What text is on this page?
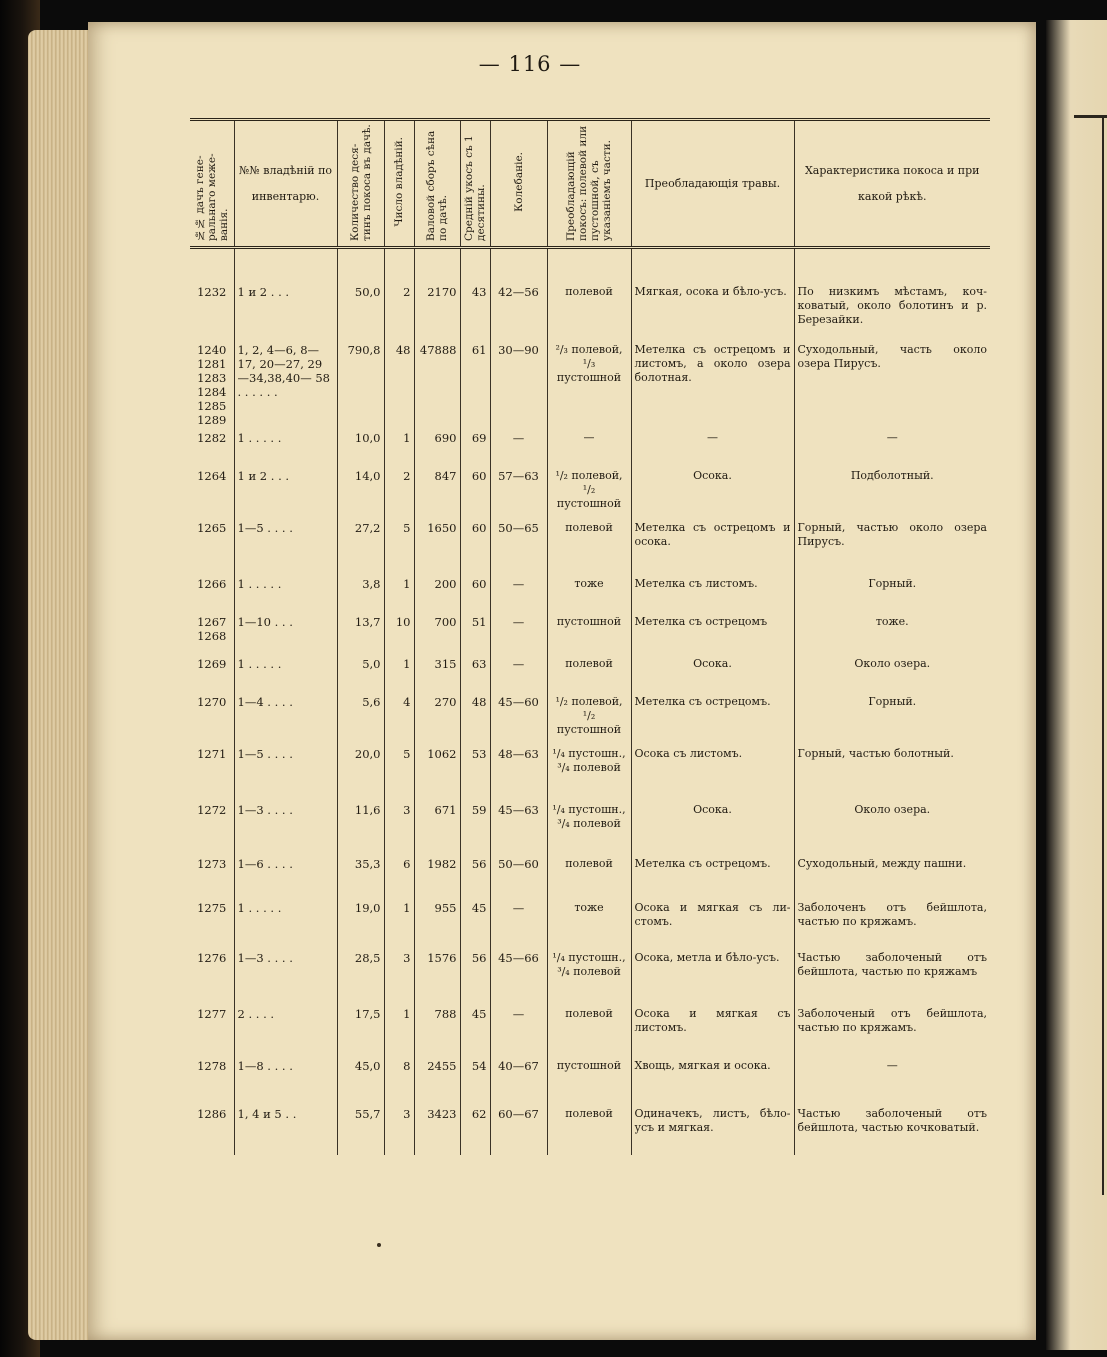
— 116 —
№№ дачъ гене-ральнаго меже-ванія.	№№ владѣній по инвентарю.	Количество деся-тинъ покоса въ дачѣ.	Число владѣній.	Валовой сборъ сѣна по дачѣ.	Средній укосъ съ 1 десятины.	Колебаніе.	Преобладающій покосъ: полевой или пустошной, съ указаніемъ части.	Преобладающія травы.	Характеристика покоса и при какой рѣкѣ.

1232	1 и 2 . . .	50,0	2	2170	43	42—56	полевой	Мягкая, осока и бѣло-усъ.	По низкимъ мѣстамъ, коч-коватый, около болотинъ и р. Березайки.
1240 1281 1283 1284 1285 1289	1, 2, 4—6, 8—17, 20—27, 29—34,38,40— 58 . . . . . .	790,8	48	47888	61	30—90	²/₃ полевой, ¹/₃ пустошной	Метелка съ острецомъ и листомъ, а около озера болотная.	Суходольный, часть около озера Пирусъ.
1282	1 . . . . .	10,0	1	690	69	—	—	—	—
1264	1 и 2 . . .	14,0	2	847	60	57—63	¹/₂ полевой, ¹/₂ пустошной	Осока.	Подболотный.
1265	1—5 . . . .	27,2	5	1650	60	50—65	полевой	Метелка съ острецомъ и осока.	Горный, частью около озера Пирусъ.
1266	1 . . . . .	3,8	1	200	60	—	тоже	Метелка съ листомъ.	Горный.
1267 1268	1—10 . . .	13,7	10	700	51	—	пустошной	Метелка съ острецомъ	тоже.
1269	1 . . . . .	5,0	1	315	63	—	полевой	Осока.	Около озера.
1270	1—4 . . . .	5,6	4	270	48	45—60	¹/₂ полевой, ¹/₂ пустошной	Метелка съ острецомъ.	Горный.
1271	1—5 . . . .	20,0	5	1062	53	48—63	¹/₄ пустошн., ³/₄ полевой	Осока съ листомъ.	Горный, частью болотный.
1272	1—3 . . . .	11,6	3	671	59	45—63	¹/₄ пустошн., ³/₄ полевой	Осока.	Около озера.
1273	1—6 . . . .	35,3	6	1982	56	50—60	полевой	Метелка съ острецомъ.	Суходольный, между пашни.
1275	1 . . . . .	19,0	1	955	45	—	тоже	Осока и мягкая съ ли-стомъ.	Заболоченъ отъ бейшлота, частью по кряжамъ.
1276	1—3 . . . .	28,5	3	1576	56	45—66	¹/₄ пустошн., ³/₄ полевой	Осока, метла и бѣло-усъ.	Частью заболоченый отъ бейшлота, частью по кряжамъ
1277	2 . . . .	17,5	1	788	45	—	полевой	Осока и мягкая съ листомъ.	Заболоченый отъ бейшлота, частью по кряжамъ.
1278	1—8 . . . .	45,0	8	2455	54	40—67	пустошной	Хвощь, мягкая и осока.	—
1286	1, 4 и 5 . .	55,7	3	3423	62	60—67	полевой	Одиначекъ, листъ, бѣло-усъ и мягкая.	Частью заболоченый отъ бейшлота, частью кочковатый.
